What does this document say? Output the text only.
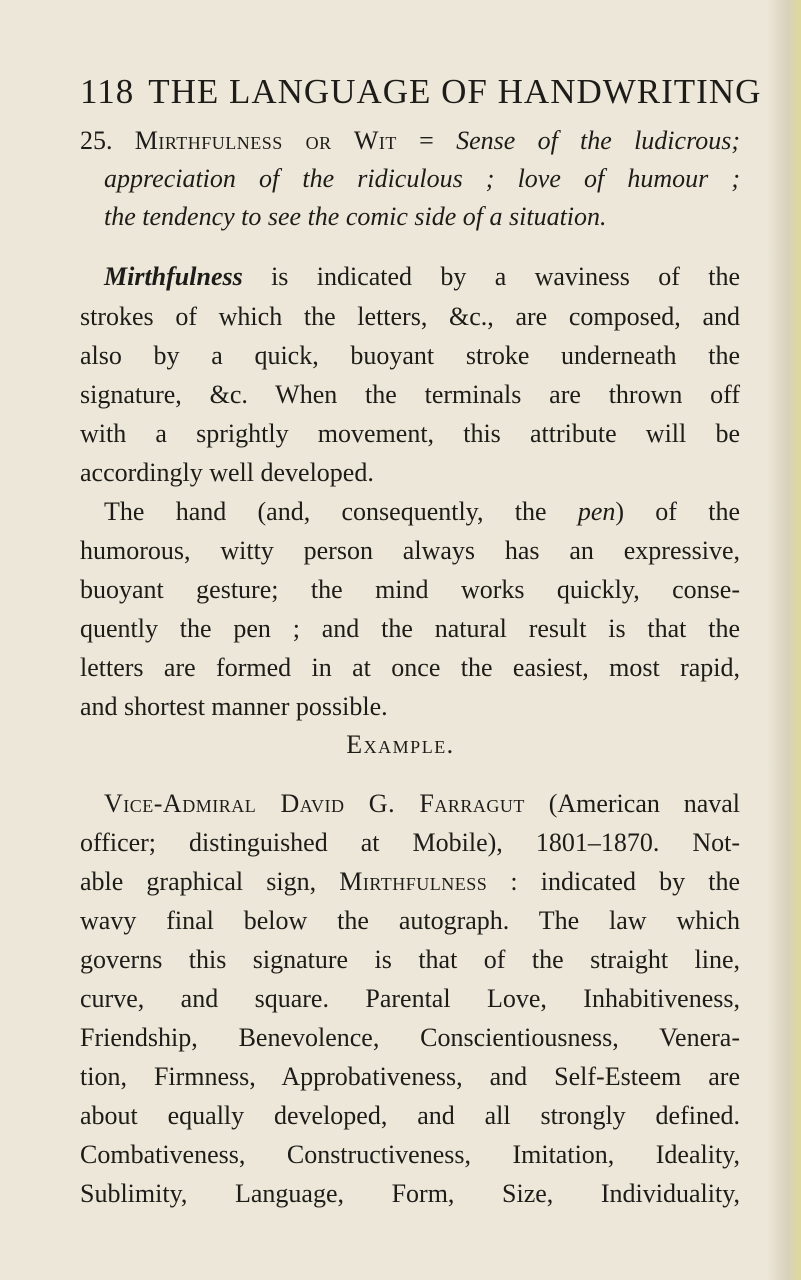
118 THE LANGUAGE OF HANDWRITING
25. Mirthfulness or Wit = Sense of the ludicrous;
appreciation of the ridiculous ; love of humour ;
the tendency to see the comic side of a situation.
Mirthfulness is indicated by a waviness of the
strokes of which the letters, &c., are composed, and
also by a quick, buoyant stroke underneath the
signature, &c. When the terminals are thrown off
with a sprightly movement, this attribute will be
accordingly well developed.
The hand (and, consequently, the pen) of the
humorous, witty person always has an expressive,
buoyant gesture; the mind works quickly, conse-
quently the pen ; and the natural result is that the
letters are formed in at once the easiest, most rapid,
and shortest manner possible.
Example.
Vice-Admiral David G. Farragut (American naval
officer; distinguished at Mobile), 1801–1870. Not-
able graphical sign, Mirthfulness : indicated by the
wavy final below the autograph. The law which
governs this signature is that of the straight line,
curve, and square. Parental Love, Inhabitiveness,
Friendship, Benevolence, Conscientiousness, Venera-
tion, Firmness, Approbativeness, and Self-Esteem are
about equally developed, and all strongly defined.
Combativeness, Constructiveness, Imitation, Ideality,
Sublimity, Language, Form, Size, Individuality,
